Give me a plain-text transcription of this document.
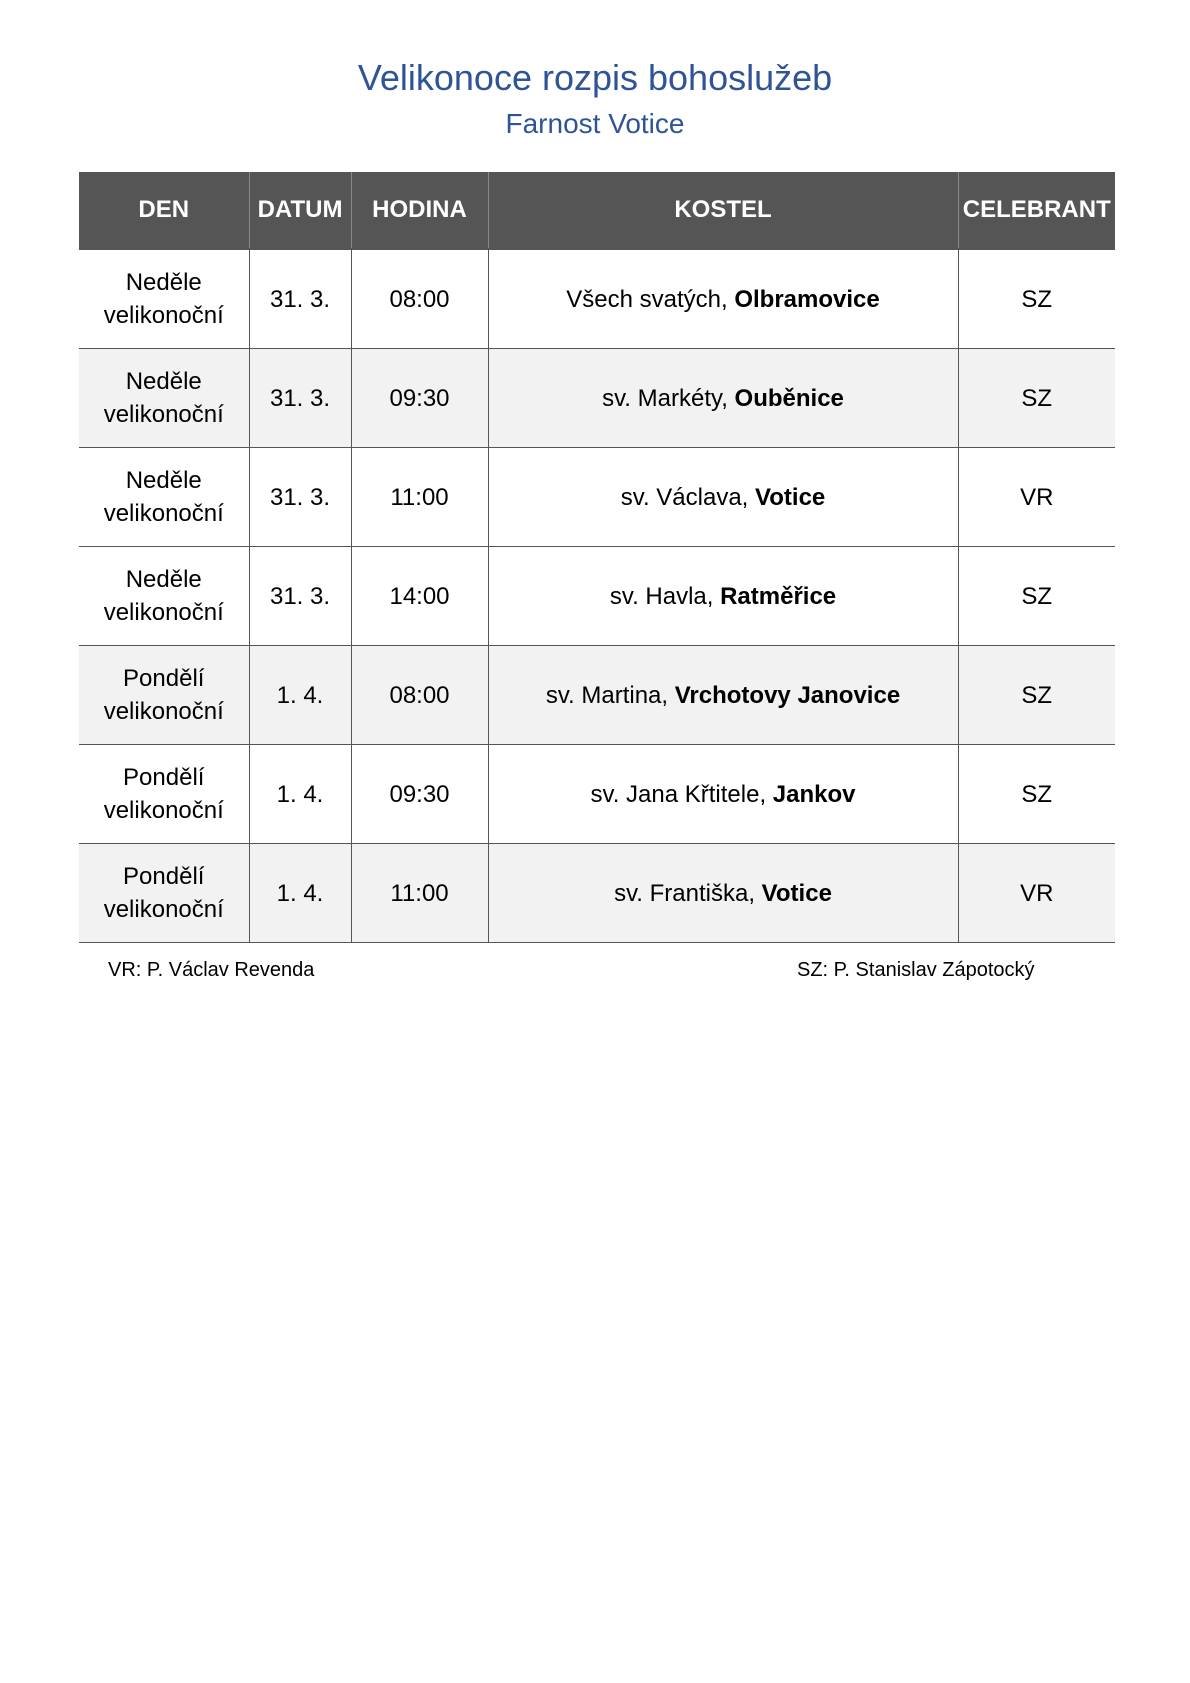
Velikonoce rozpis bohoslužeb
Farnost Votice
DEN	DATUM	HODINA	KOSTEL	CELEBRANT

Neděle
velikonoční	31. 3.	08:00	Všech svatých, Olbramovice	SZ

Neděle
velikonoční	31. 3.	09:30	sv. Markéty, Ouběnice	SZ

Neděle
velikonoční	31. 3.	11:00	sv. Václava, Votice	VR

Neděle
velikonoční	31. 3.	14:00	sv. Havla, Ratměřice	SZ

Pondělí
velikonoční	1. 4.	08:00	sv. Martina, Vrchotovy Janovice	SZ

Pondělí
velikonoční	1. 4.	09:30	sv. Jana Křtitele, Jankov	SZ

Pondělí
velikonoční	1. 4.	11:00	sv. Františka, Votice	VR
VR: P. Václav Revenda	SZ: P. Stanislav Zápotocký
